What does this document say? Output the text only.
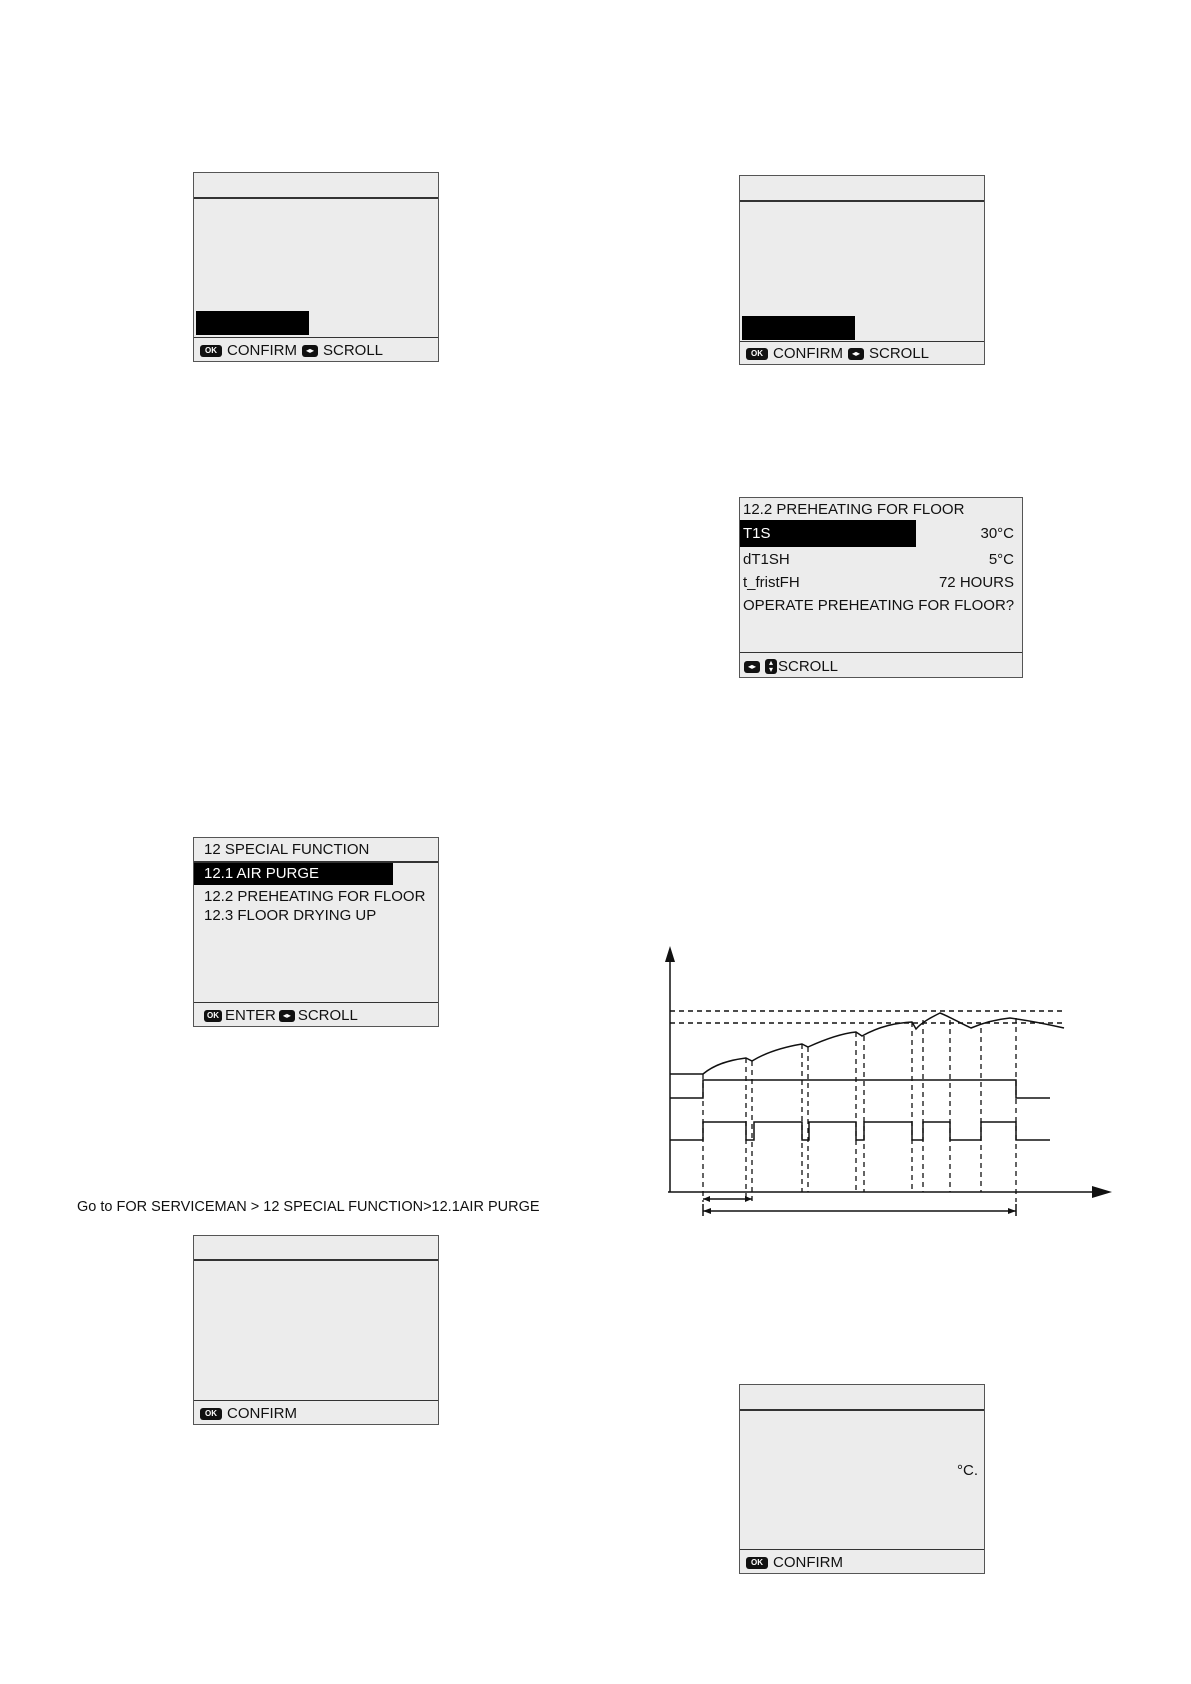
OK CONFIRM	◂▸ SCROLL	OK CONFIRM	◂▸ SCROLL
12.2 PREHEATING FOR FLOOR
T1S	30°C
dT1SH	5°C
t_fristFH	72 HOURS
OPERATE PREHEATING FOR FLOOR?
◂▸	▴
▾ SCROLL
12 SPECIAL FUNCTION
12.1 AIR PURGE
12.2 PREHEATING FOR FLOOR
12.3 FLOOR DRYING UP
OK ENTER ◂▸ SCROLL
Go to FOR SERVICEMAN > 12 SPECIAL FUNCTION>12.1AIR PURGE
OK CONFIRM
°C.
OK CONFIRM
